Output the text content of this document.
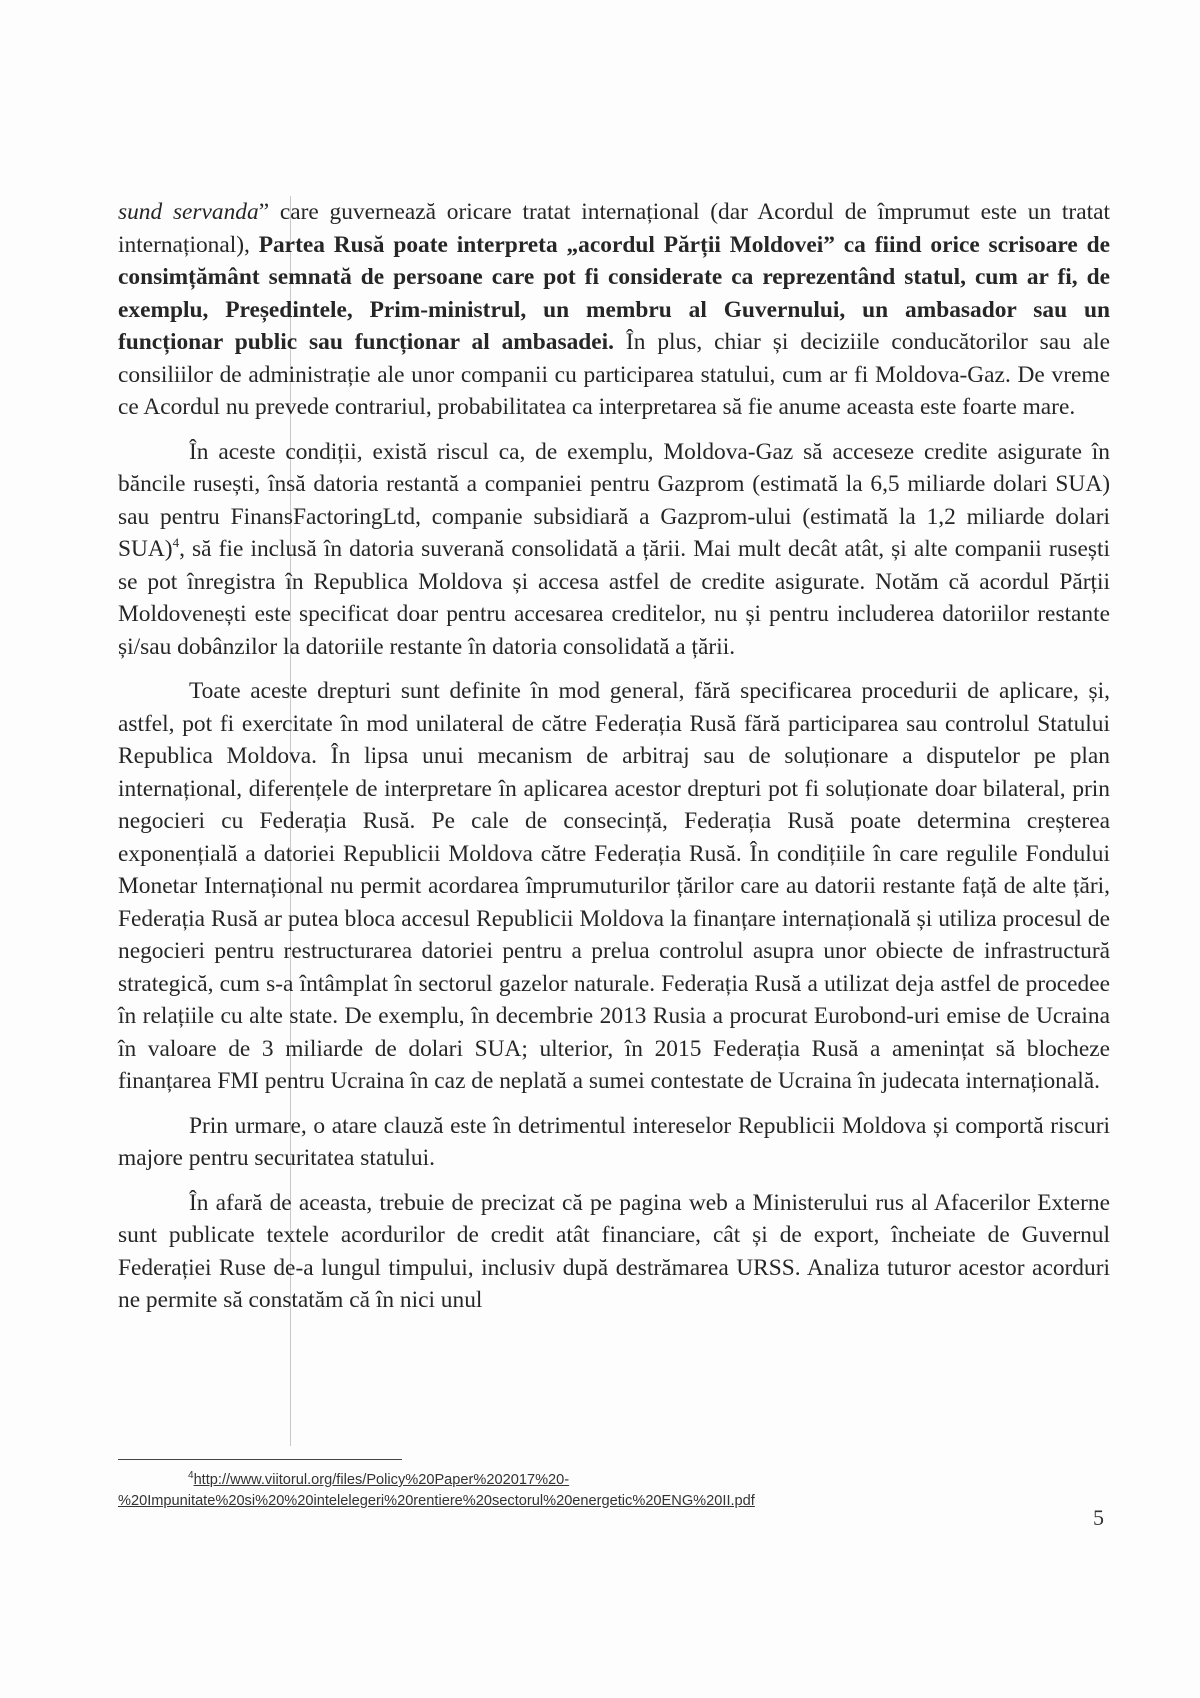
sund servanda” care guvernează oricare tratat internațional (dar Acordul de împrumut este un tratat internațional), Partea Rusă poate interpreta „acordul Părții Moldovei” ca fiind orice scrisoare de consimțământ semnată de persoane care pot fi considerate ca reprezentând statul, cum ar fi, de exemplu, Președintele, Prim-ministrul, un membru al Guvernului, un ambasador sau un funcționar public sau funcționar al ambasadei. În plus, chiar și deciziile conducătorilor sau ale consiliilor de administrație ale unor companii cu participarea statului, cum ar fi Moldova-Gaz. De vreme ce Acordul nu prevede contrariul, probabilitatea ca interpretarea să fie anume aceasta este foarte mare.

În aceste condiții, există riscul ca, de exemplu, Moldova-Gaz să acceseze credite asigurate în băncile rusești, însă datoria restantă a companiei pentru Gazprom (estimată la 6,5 miliarde dolari SUA) sau pentru FinansFactoringLtd, companie subsidiară a Gazprom-ului (estimată la 1,2 miliarde dolari SUA)$^4$, să fie inclusă în datoria suverană consolidată a țării. Mai mult decât atât, și alte companii rusești se pot înregistra în Republica Moldova și accesa astfel de credite asigurate. Notăm că acordul Părții Moldovenești este specificat doar pentru accesarea creditelor, nu și pentru includerea datoriilor restante și/sau dobânzilor la datoriile restante în datoria consolidată a țării.

Toate aceste drepturi sunt definite în mod general, fără specificarea procedurii de aplicare, și, astfel, pot fi exercitate în mod unilateral de către Federația Rusă fără participarea sau controlul Statului Republica Moldova. În lipsa unui mecanism de arbitraj sau de soluționare a disputelor pe plan internațional, diferențele de interpretare în aplicarea acestor drepturi pot fi soluționate doar bilateral, prin negocieri cu Federația Rusă. Pe cale de consecință, Federația Rusă poate determina creșterea exponențială a datoriei Republicii Moldova către Federația Rusă. În condițiile în care regulile Fondului Monetar Internațional nu permit acordarea împrumuturilor țărilor care au datorii restante față de alte țări, Federația Rusă ar putea bloca accesul Republicii Moldova la finanțare internațională și utiliza procesul de negocieri pentru restructurarea datoriei pentru a prelua controlul asupra unor obiecte de infrastructură strategică, cum s-a întâmplat în sectorul gazelor naturale. Federația Rusă a utilizat deja astfel de procedee în relațiile cu alte state. De exemplu, în decembrie 2013 Rusia a procurat Eurobond-uri emise de Ucraina în valoare de 3 miliarde de dolari SUA; ulterior, în 2015 Federația Rusă a amenințat să blocheze finanțarea FMI pentru Ucraina în caz de neplată a sumei contestate de Ucraina în judecata internațională.

Prin urmare, o atare clauză este în detrimentul intereselor Republicii Moldova și comportă riscuri majore pentru securitatea statului.

În afară de aceasta, trebuie de precizat că pe pagina web a Ministerului rus al Afacerilor Externe sunt publicate textele acordurilor de credit atât financiare, cât și de export, încheiate de Guvernul Federației Ruse de-a lungul timpului, inclusiv după destrămarea URSS. Analiza tuturor acestor acorduri ne permite să constatăm că în nici unul

$^4$http://www.viitorul.org/files/Policy%20Paper%202017%20-
%20Impunitate%20si%20%20intelelegeri%20rentiere%20sectorul%20energetic%20ENG%20II.pdf
5
